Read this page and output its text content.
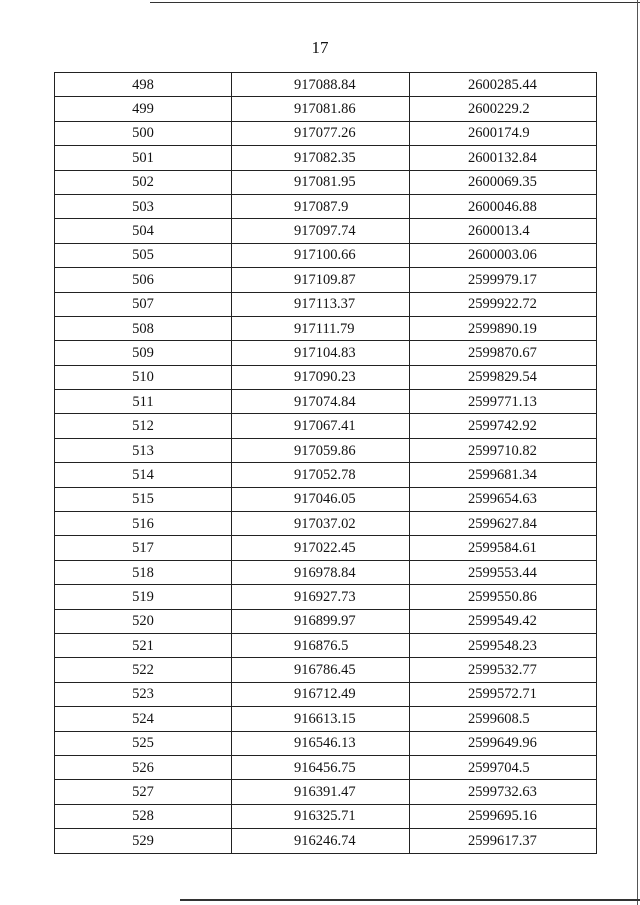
17
498	917088.84	2600285.44
499	917081.86	2600229.2
500	917077.26	2600174.9
501	917082.35	2600132.84
502	917081.95	2600069.35
503	917087.9	2600046.88
504	917097.74	2600013.4
505	917100.66	2600003.06
506	917109.87	2599979.17
507	917113.37	2599922.72
508	917111.79	2599890.19
509	917104.83	2599870.67
510	917090.23	2599829.54
511	917074.84	2599771.13
512	917067.41	2599742.92
513	917059.86	2599710.82
514	917052.78	2599681.34
515	917046.05	2599654.63
516	917037.02	2599627.84
517	917022.45	2599584.61
518	916978.84	2599553.44
519	916927.73	2599550.86
520	916899.97	2599549.42
521	916876.5	2599548.23
522	916786.45	2599532.77
523	916712.49	2599572.71
524	916613.15	2599608.5
525	916546.13	2599649.96
526	916456.75	2599704.5
527	916391.47	2599732.63
528	916325.71	2599695.16
529	916246.74	2599617.37
